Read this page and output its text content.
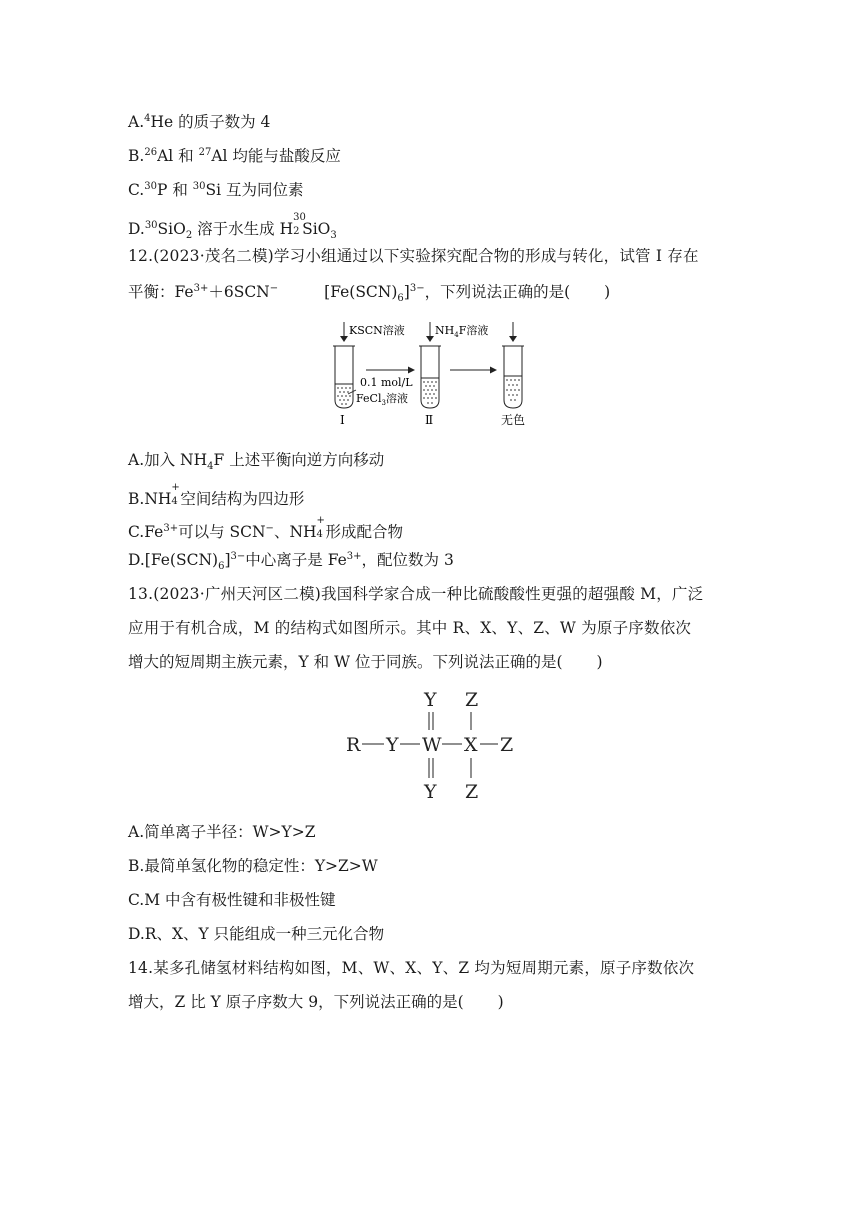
A.$^4$He 的质子数为 4
B.$^{26}$Al 和 $^{27}$Al 均能与盐酸反应
C.$^{30}$P 和 $^{30}$Si 互为同位素
D.$^{30}$SiO$_2$ 溶于水生成 H
30
2 SiO$_3$
12.(2023·茂名二模)学习小组通过以下实验探究配合物的形成与转化，试管 Ⅰ 存在
平衡：$Fe^{3+}+6SCN^-$	$[Fe(SCN)_6]^{3-}$，下列说法正确的是( )
KSCN溶液	$NH_4F$溶液
0.1 mol/L
FeCl$_3$溶液
Ⅰ	Ⅱ	无色
A.加入 $NH_4F$ 上述平衡向逆方向移动
B.NH
+
4 空间结构为四边形
$C.Fe^{3+}$可以与 SCN−、NH
+
4 形成配合物
$D.[Fe(SCN)_6]^{3-}$中心离子是 $Fe^{3+}$，配位数为 3
13.(2023·广州天河区二模)我国科学家合成一种比硫酸酸性更强的超强酸 M，广泛
应用于有机合成，M 的结构式如图所示。其中 R、X、Y、Z、W 为原子序数依次
增大的短周期主族元素，Y 和 W 位于同族。下列说法正确的是( )
R Y W X Z
Y
Y
Z
Z
A.简单离子半径：W>Y>Z
B.最简单氢化物的稳定性：Y>Z>W
C.M 中含有极性键和非极性键
D.R、X、Y 只能组成一种三元化合物
14.某多孔储氢材料结构如图，M、W、X、Y、Z 均为短周期元素，原子序数依次
增大，Z 比 Y 原子序数大 9，下列说法正确的是( )
